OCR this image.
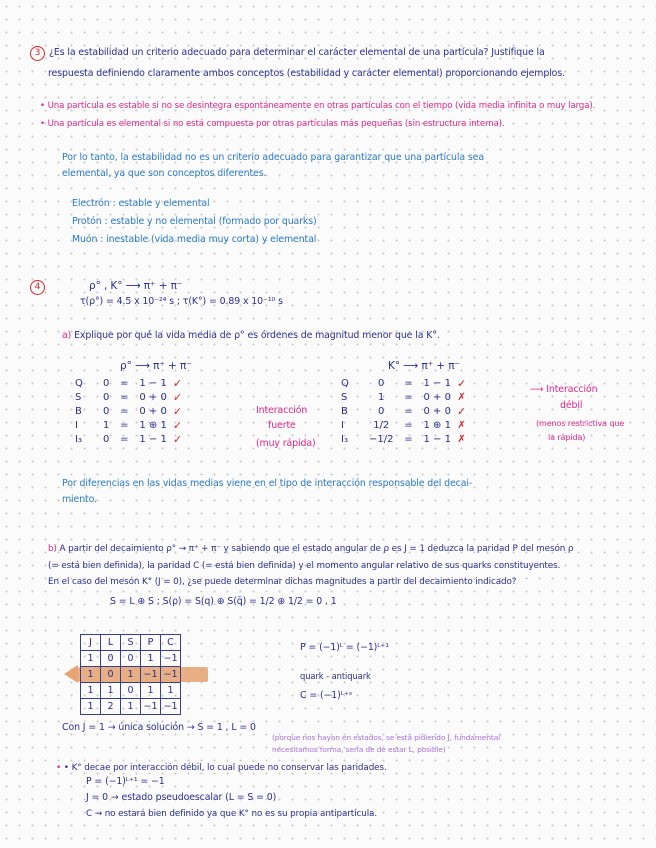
3 ¿Es la estabilidad un criterio adecuado para determinar el carácter elemental de una partícula? Justifique la
respuesta definiendo claramente ambos conceptos (estabilidad y carácter elemental) proporcionando ejemplos.
• Una partícula es estable si no se desintegra espontáneamente en otras partículas con el tiempo (vida media infinita o muy larga).
• Una partícula es elemental si no está compuesta por otras partículas más pequeñas (sin estructura interna).
Por lo tanto, la estabilidad no es un criterio adecuado para garantizar que una partícula sea
elemental, ya que son conceptos diferentes.
Electrón : estable y elemental
Protón : estable y no elemental (formado por quarks)
Muón : inestable (vida media muy corta) y elemental
4	ρ° , K° ⟶ π⁺ + π⁻
τ(ρ°) = 4.5 x 10⁻²⁴ s ; τ(K°) = 0.89 x 10⁻¹⁰ s
a) Explique por qué la vida media de ρ° es órdenes de magnitud menor que la K°.
ρ° ⟶ π⁺ + π⁻
Q	0	=	1 − 1	✓
S	0	=	0 + 0	✓
B	0	=	0 + 0	✓
I	1	=	1 ⊕ 1	✓
I₃	0	=	1 − 1	✓
Interacción
fuerte
(muy rápida)
K° ⟶ π⁺ + π⁻
Q	0	=	1 − 1	✓
S	1	=	0 + 0	✗
B	0	=	0 + 0	✓
I	1/2	=	1 ⊕ 1	✗
I₃	−1/2	=	1 − 1	✗
⟶ Interacción
débil
(menos restrictiva que
la rápida)
Por diferencias en las vidas medias viene en el tipo de interacción responsable del decai-
miento.
b) A partir del decaimiento ρ° → π⁺ + π⁻ y sabiendo que el estado angular de ρ es J = 1 deduzca la paridad P del mesón ρ
(= está bien definida), la paridad C (= está bien definida) y el momento angular relativo de sus quarks constituyentes.
En el caso del mesón K° (J = 0), ¿se puede determinar dichas magnitudes a partir del decaimiento indicado?
S = L ⊕ S ; S(ρ) = S(q) ⊕ S(q̄) = 1/2 ⊕ 1/2 = 0 , 1
J	L	S	P	C
1	0	0	1	−1
1	0	1	−1	−1
1	1	0	1	1
1	2	1	−1	−1
P = (−1)ᴸ = (−1)ᴸ⁺¹
quark - antiquark
C = (−1)ᴸ⁺ˢ
Con J = 1 → única solución → S = 1 , L = 0
(porque nos hayan en estados, se está pidiendo J, fundamental
necesitamos forma, sería de de estar L, posible)
• • K° decae por interacción débil, lo cual puede no conservar las paridades.
P = (−1)ᴸ⁺¹ = −1
J = 0 → estado pseudoescalar (L = S = 0)
C → no estará bien definido ya que K° no es su propia antipartícula.
